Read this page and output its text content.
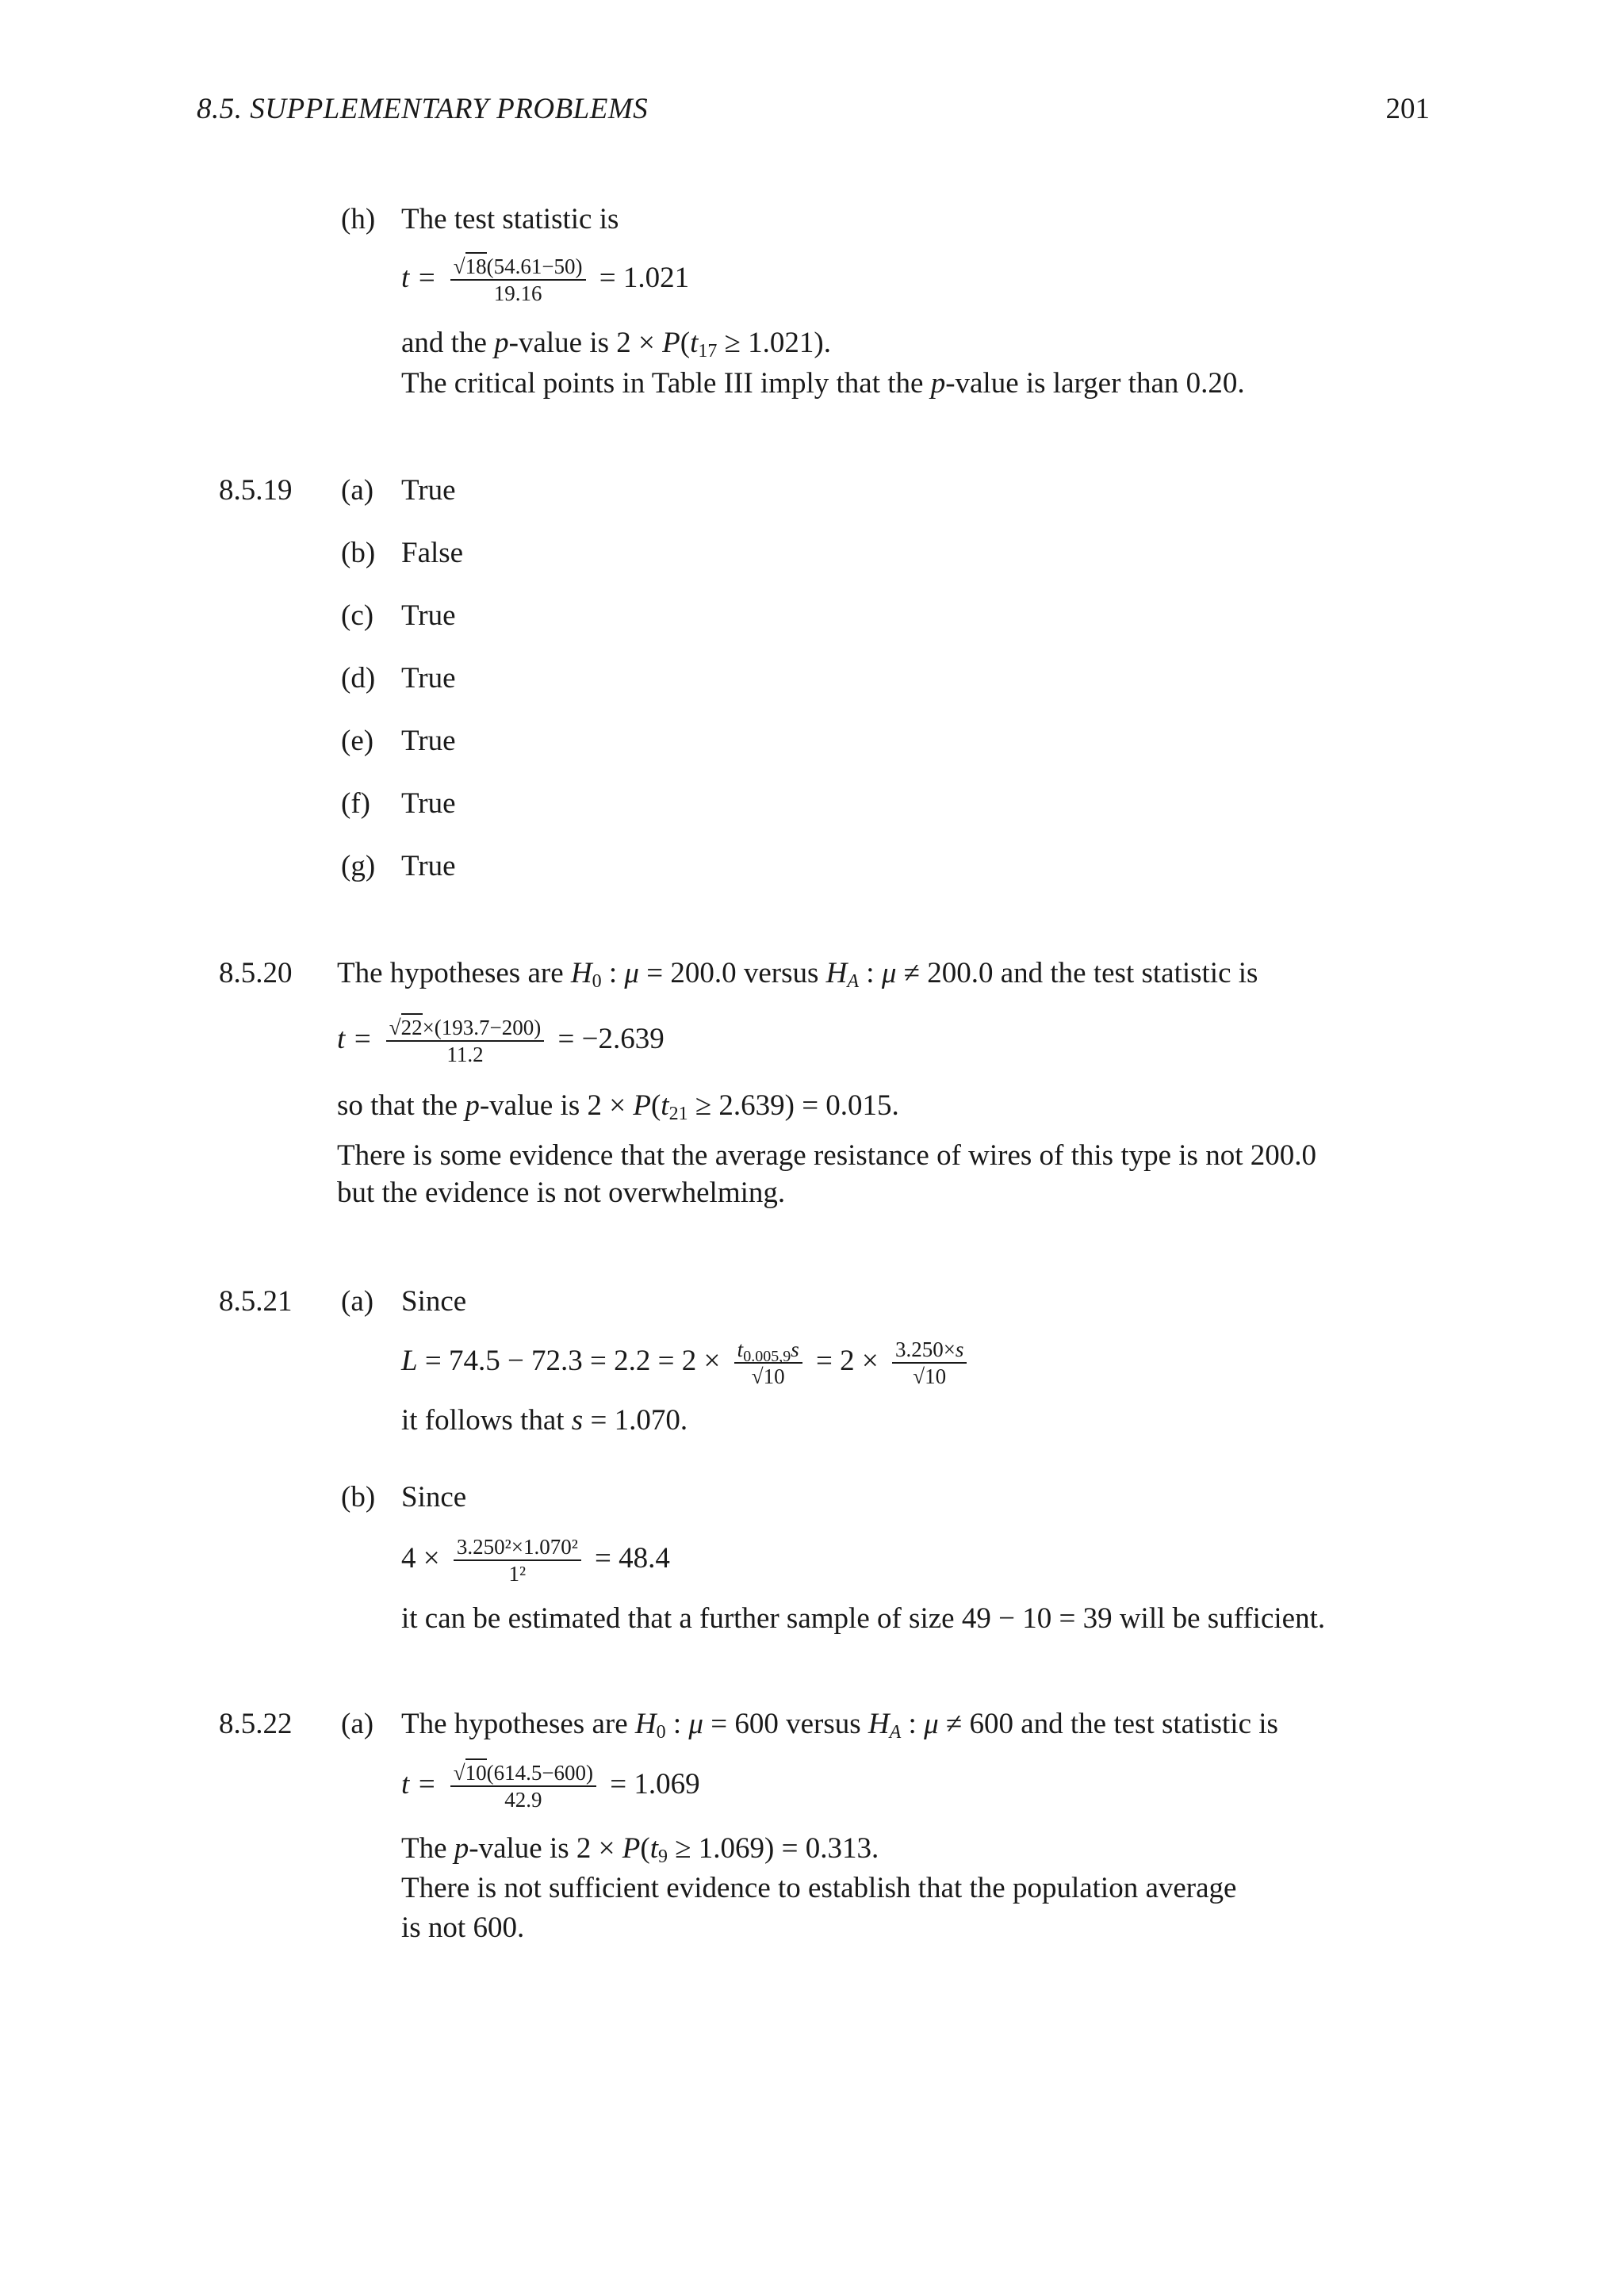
8.5. SUPPLEMENTARY PROBLEMS	201
(h) The test statistic is
$t = \frac{√18(54.61-50)}{19.16} = 1.021$
and the p-value is $2 \times P(t_{17} \ge 1.021)$.
The critical points in Table III imply that the p-value is larger than 0.20.
8.5.19 (a) True
(b) False
(c) True
(d) True
(e) True
(f) True
(g) True
8.5.20 The hypotheses are $H_0$ : μ = 200.0 versus $H_A$ : μ ≠ 200.0 and the test statistic is
$t = \frac{√22\times(193.7-200)}{11.2} = -2.639$
so that the p-value is $2 \times P(t_{21} \ge 2.639) = 0.015$.
There is some evidence that the average resistance of wires of this type is not 200.0
but the evidence is not overwhelming.
8.5.21 (a) Since
$L = 74.5 - 72.3 = 2.2 = 2 \times \frac{t_{0.005,9}s}{√10} = 2 \times \frac{3.250\times s}{√10}$
it follows that s = 1.070.
(b) Since
$4 \times \frac{\text{3.250²×1.070²}}{\text{1²}} = 48.4$
it can be estimated that a further sample of size 49 − 10 = 39 will be sufficient.
8.5.22 (a) The hypotheses are $H_0$ : μ = 600 versus $H_A$ : μ ≠ 600 and the test statistic is
$t = \frac{√10(614.5-600)}{42.9} = 1.069$
The p-value is $2 \times P(t_9 \ge 1.069) = 0.313$.
There is not sufficient evidence to establish that the population average
is not 600.
